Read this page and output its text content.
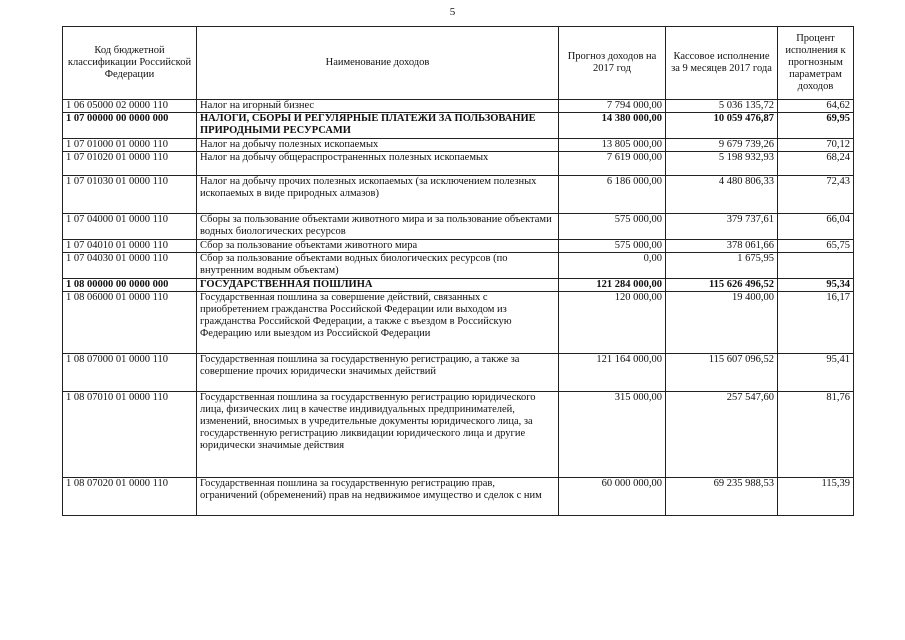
5
Код бюджетной классификации Российской Федерации	Наименование доходов	Прогноз доходов на 2017 год	Кассовое исполнение за 9 месяцев 2017 года	Процент исполнения к прогнозным параметрам доходов
1 06 05000 02 0000 110	Налог на игорный бизнес	7 794 000,00	5 036 135,72	64,62
1 07 00000 00 0000 000	НАЛОГИ, СБОРЫ И РЕГУЛЯРНЫЕ ПЛАТЕЖИ ЗА ПОЛЬЗОВАНИЕ ПРИРОДНЫМИ РЕСУРСАМИ	14 380 000,00	10 059 476,87	69,95
1 07 01000 01 0000 110	Налог на добычу полезных ископаемых	13 805 000,00	9 679 739,26	70,12
1 07 01020 01 0000 110	Налог на добычу общераспространенных полезных ископаемых	7 619 000,00	5 198 932,93	68,24
1 07 01030 01 0000 110	Налог на добычу прочих полезных ископаемых (за исключением полезных ископаемых в виде природных алмазов)	6 186 000,00	4 480 806,33	72,43
1 07 04000 01 0000 110	Сборы за пользование объектами животного мира и за пользование объектами водных биологических ресурсов	575 000,00	379 737,61	66,04
1 07 04010 01 0000 110	Сбор за пользование объектами животного мира	575 000,00	378 061,66	65,75
1 07 04030 01 0000 110	Сбор за пользование объектами водных биологических ресурсов (по внутренним водным объектам)	0,00	1 675,95	
1 08 00000 00 0000 000	ГОСУДАРСТВЕННАЯ ПОШЛИНА	121 284 000,00	115 626 496,52	95,34
1 08 06000 01 0000 110	Государственная пошлина за совершение действий, связанных с приобретением гражданства Российской Федерации или выходом из гражданства Российской Федерации, а также с въездом в Российскую Федерацию или выездом из Российской Федерации	120 000,00	19 400,00	16,17
1 08 07000 01 0000 110	Государственная пошлина за государственную регистрацию, а также за совершение прочих юридически значимых действий	121 164 000,00	115 607 096,52	95,41
1 08 07010 01 0000 110	Государственная пошлина за государственную регистрацию юридического лица, физических лиц в качестве индивидуальных предпринимателей, изменений, вносимых в учредительные документы юридического лица, за государственную регистрацию ликвидации юридического лица и другие юридически значимые действия	315 000,00	257 547,60	81,76
1 08 07020 01 0000 110	Государственная пошлина за государственную регистрацию прав, ограничений (обременений) прав на недвижимое имущество и сделок с ним	60 000 000,00	69 235 988,53	115,39
